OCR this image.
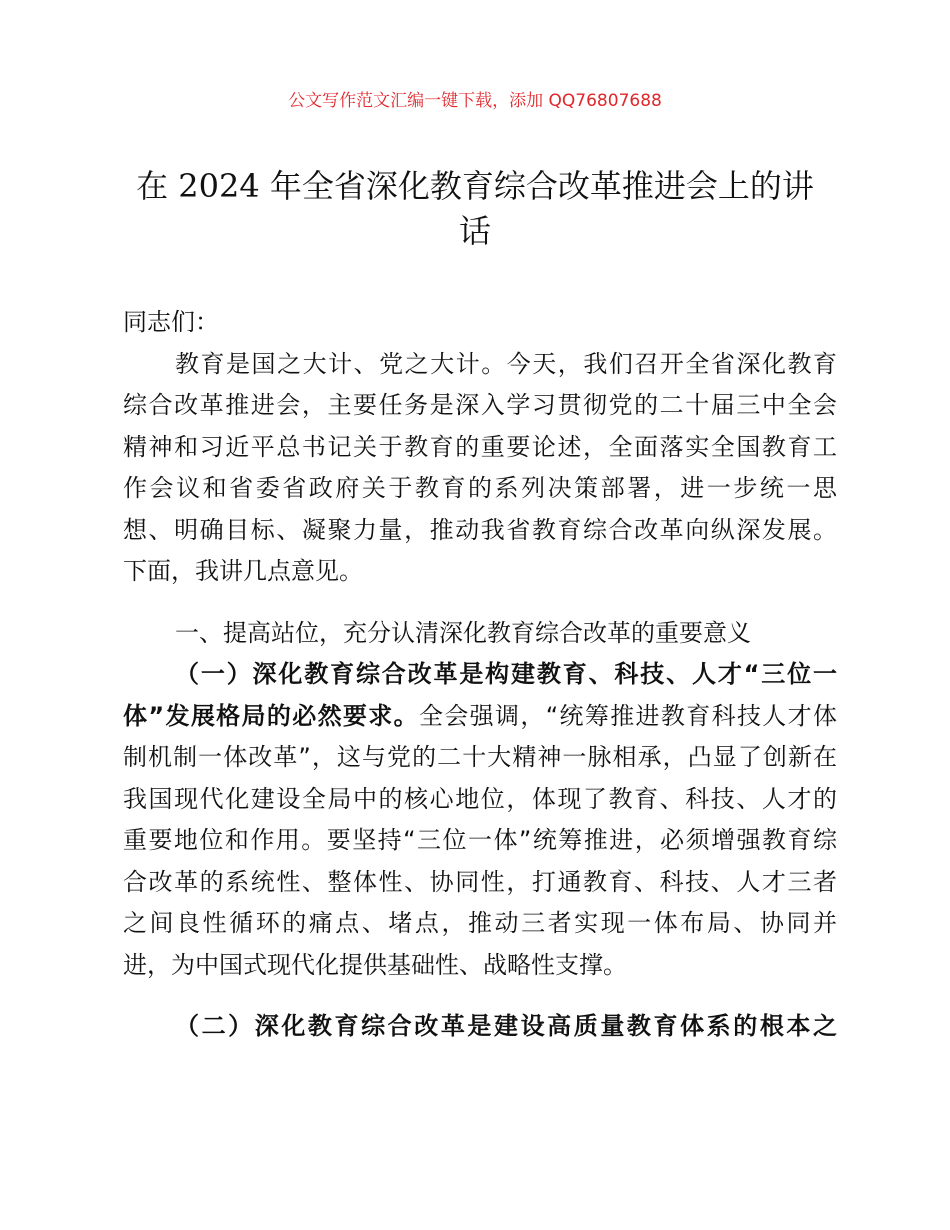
公文写作范文汇编一键下载，添加 QQ76807688
在 2024 年全省深化教育综合改革推进会上的讲
话
同志们：
教育是国之大计、党之大计。今天，我们召开全省深化教育
综合改革推进会，主要任务是深入学习贯彻党的二十届三中全会
精神和习近平总书记关于教育的重要论述，全面落实全国教育工
作会议和省委省政府关于教育的系列决策部署，进一步统一思
想、明确目标、凝聚力量，推动我省教育综合改革向纵深发展。
下面，我讲几点意见。
一、提高站位，充分认清深化教育综合改革的重要意义
（一）深化教育综合改革是构建教育、科技、人才“三位一
体”发展格局的必然要求。全会强调，“统筹推进教育科技人才体
制机制一体改革”，这与党的二十大精神一脉相承，凸显了创新在
我国现代化建设全局中的核心地位，体现了教育、科技、人才的
重要地位和作用。要坚持“三位一体”统筹推进，必须增强教育综
合改革的系统性、整体性、协同性，打通教育、科技、人才三者
之间良性循环的痛点、堵点，推动三者实现一体布局、协同并
进，为中国式现代化提供基础性、战略性支撑。
（二）深化教育综合改革是建设高质量教育体系的根本之
